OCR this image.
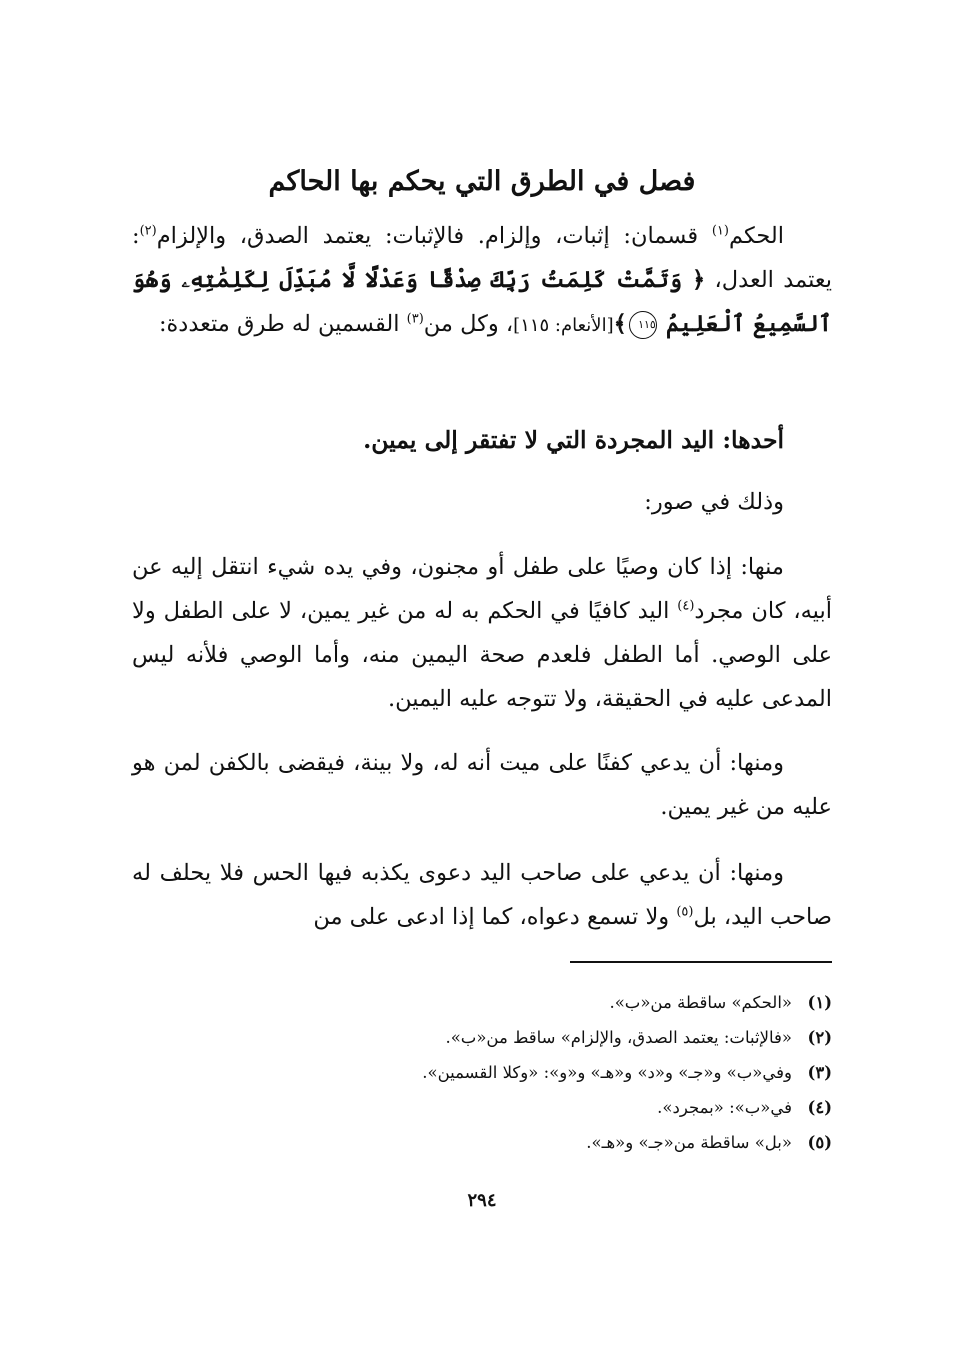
فصل في الطرق التي يحكم بها الحاكم

الحكم$^{(١)}$ قسمان: إثبات، وإلزام. فالإثبات: يعتمد الصدق، والإلزام$^{(٢)}$: يعتمد العدل، ﴿ وَتَمَّتْ كَلِمَتُ رَبِّكَ صِدْقًا وَعَدْلًا لَّا مُبَدِّلَ لِكَلِمَٰتِهِۦ وَهُوَ ٱلسَّمِيعُ ٱلْعَلِيمُ ١١٥﴾[الأنعام: ١١٥]، وكل من$^{(٣)}$ القسمين له طرق متعددة:

أحدها: اليد المجردة التي لا تفتقر إلى يمين.

وذلك في صور:

منها: إذا كان وصيًا على طفل أو مجنون، وفي يده شيء انتقل إليه عن أبيه، كان مجرد$^{(٤)}$ اليد كافيًا في الحكم به له من غير يمين، لا على الطفل ولا على الوصي. أما الطفل فلعدم صحة اليمين منه، وأما الوصي فلأنه ليس المدعى عليه في الحقيقة، ولا تتوجه عليه اليمين.

ومنها: أن يدعي كفنًا على ميت أنه له، ولا بينة، فيقضى بالكفن لمن هو عليه من غير يمين.

ومنها: أن يدعي على صاحب اليد دعوى يكذبه فيها الحس فلا يحلف له صاحب اليد، بل$^{(٥)}$ ولا تسمع دعواه، كما إذا ادعى على من

(١)«الحكم» ساقطة من«ب».
(٢)«فالإثبات: يعتمد الصدق، والإلزام» ساقط من«ب».
(٣)وفي«ب» و«جـ» و«د» و«هـ» و«و»: «وكلا القسمين».
(٤)في«ب»: «بمجرد».
(٥)«بل» ساقطة من«جـ» و«هـ».
٢٩٤
